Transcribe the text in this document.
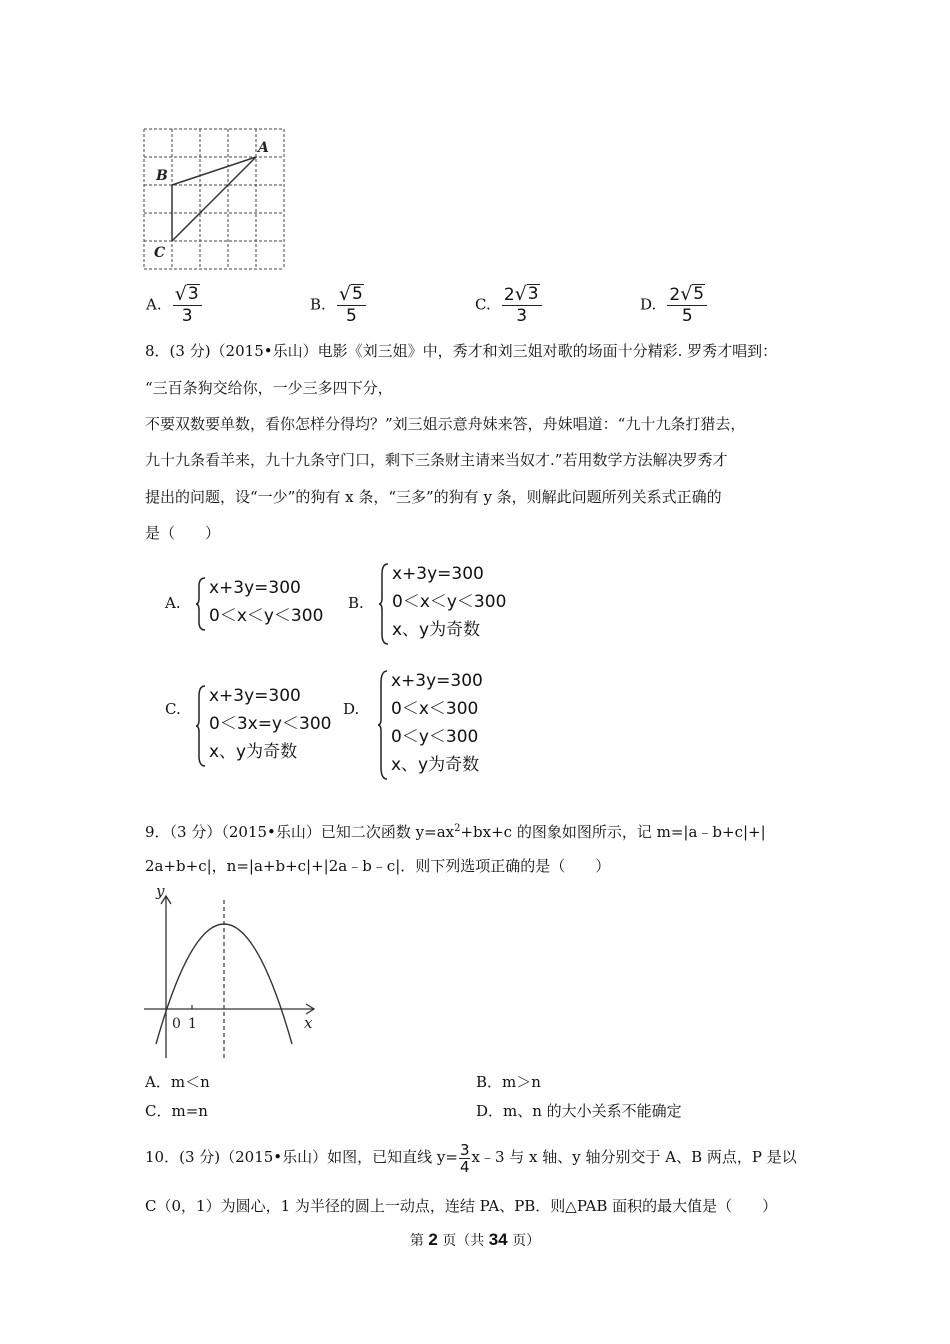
A
B
C
A. $\frac{√ 3}{3}$	B. $\frac{√ 5}{5}$	C. $\frac{2 √ 3}{3}$	D. $\frac{2 √ 5}{5}$
8．(3 分)（2015•乐山）电影《刘三姐》中，秀才和刘三姐对歌的场面十分精彩. 罗秀才唱到：
“三百条狗交给你，一少三多四下分，
不要双数要单数，看你怎样分得均？”刘三姐示意舟妹来答，舟妹唱道：“九十九条打猎去，
九十九条看羊来，九十九条守门口，剩下三条财主请来当奴才.”若用数学方法解决罗秀才
提出的问题，设“一少”的狗有 x 条，“三多”的狗有 y 条，则解此问题所列关系式正确的
是（　　）
A.
x+3y=300
0＜x＜y＜300
B.
x+3y=300
0＜x＜y＜300
x、y为奇数
C.
x+3y=300
0＜3x=y＜300
x、y为奇数
D.
x+3y=300
0＜x＜300
0＜y＜300
x、y为奇数
9．（3 分）（2015•乐山）已知二次函数 $y=ax^2+bx+c$ 的图象如图所示，记 m=|a﹣b+c|+|
2a+b+c|，n=|a+b+c|+|2a﹣b﹣c|．则下列选项正确的是（　　）
y
x
0 1
A．m＜n	B．m＞n
C．m=n	D．m、n 的大小关系不能确定
10．(3 分)（2015•乐山）如图，已知直线 $y= \frac{3}{4}$ x﹣3 与 x 轴、y 轴分别交于 A、B 两点，P 是以
C（0，1）为圆心，1 为半径的圆上一动点，连结 PA、PB．则△PAB 面积的最大值是（　　）
第 2 页（共 34 页）
